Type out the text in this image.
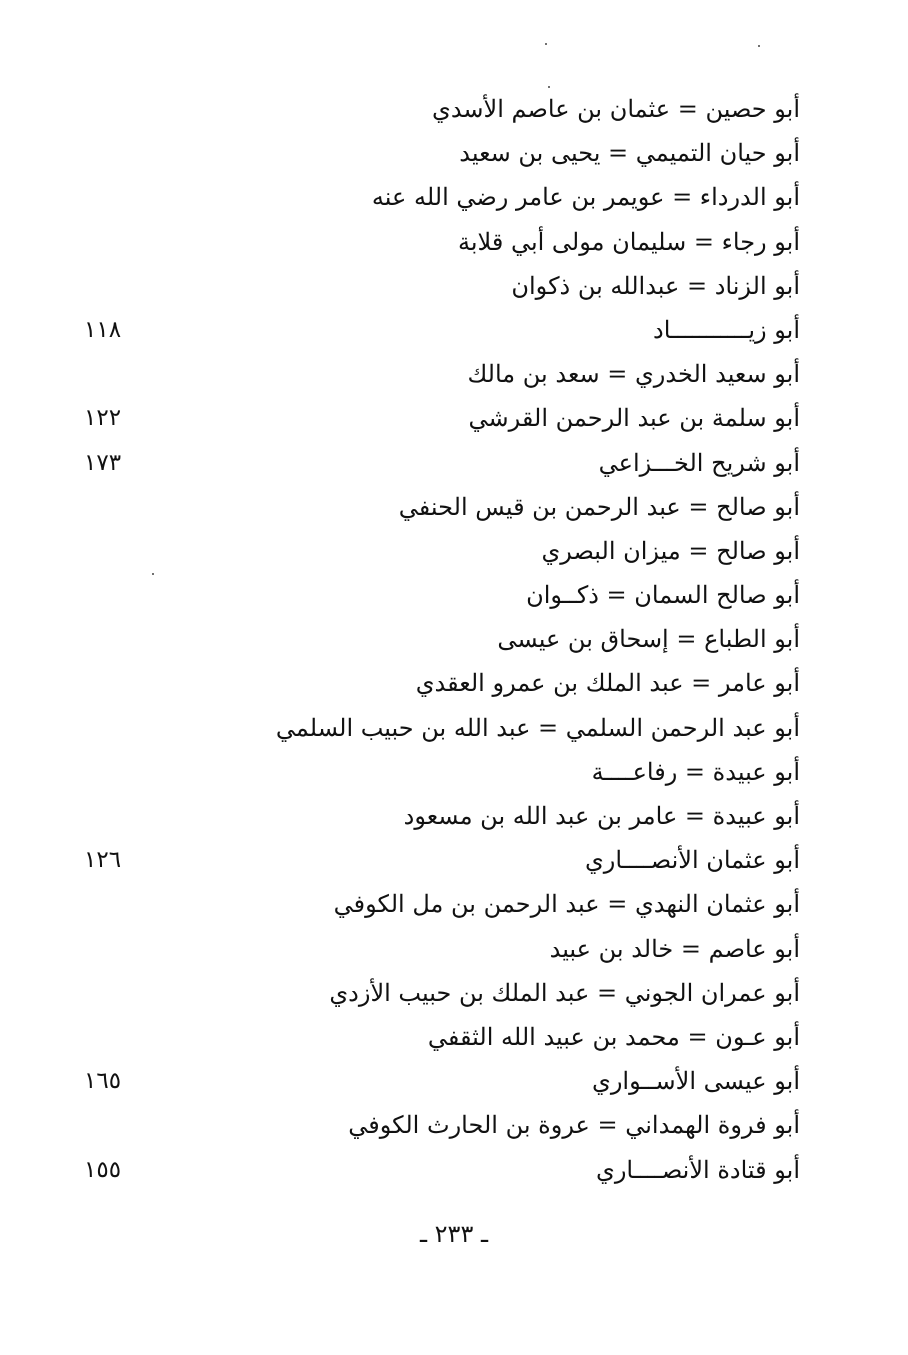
أبو حصين = عثمان بن عاصم الأسدي
أبو حيان التميمي = يحيى بن سعيد
أبو الدرداء = عويمر بن عامر رضي الله عنه
أبو رجاء = سليمان مولى أبي قلابة
أبو الزناد = عبدالله بن ذكوان
أبو زيـــــــــــاد
١١٨
أبو سعيد الخدري = سعد بن مالك
أبو سلمة بن عبد الرحمن القرشي
١٢٢
أبو شريح الخـــزاعي
١٧٣
أبو صالح = عبد الرحمن بن قيس الحنفي
أبو صالح = ميزان البصري
أبو صالح السمان = ذكــوان
أبو الطباع = إسحاق بن عيسى
أبو عامر = عبد الملك بن عمرو العقدي
أبو عبد الرحمن السلمي = عبد الله بن حبيب السلمي
أبو عبيدة = رفاعــــة
أبو عبيدة = عامر بن عبد الله بن مسعود
أبو عثمان الأنصــــاري
١٢٦
أبو عثمان النهدي = عبد الرحمن بن مل الكوفي
أبو عاصم = خالد بن عبيد
أبو عمران الجوني = عبد الملك بن حبيب الأزدي
أبو عـون = محمد بن عبيد الله الثقفي
أبو عيسى الأســواري
١٦٥
أبو فروة الهمداني = عروة بن الحارث الكوفي
أبو قتادة الأنصــــاري
١٥٥
ـ ٢٣٣ ـ
